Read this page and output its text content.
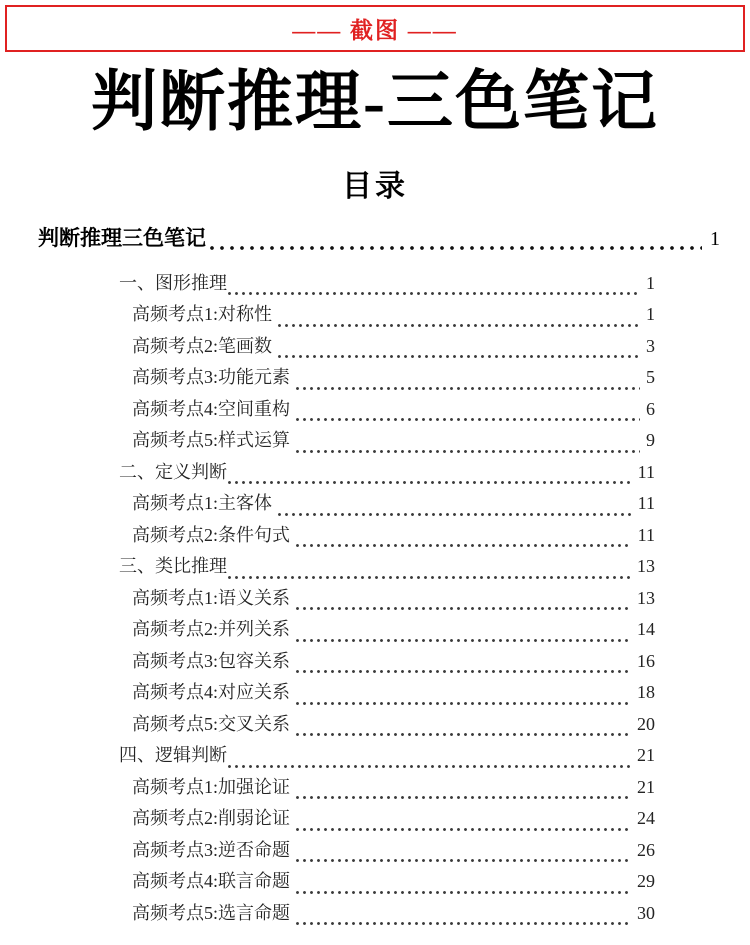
—— 截图 ——
判断推理-三色笔记
目录
判断推理三色笔记	1
一、图形推理	1
高频考点1:对称性	1
高频考点2:笔画数	3
高频考点3:功能元素	5
高频考点4:空间重构	6
高频考点5:样式运算	9
二、定义判断	11
高频考点1:主客体	11
高频考点2:条件句式	11
三、类比推理	13
高频考点1:语义关系	13
高频考点2:并列关系	14
高频考点3:包容关系	16
高频考点4:对应关系	18
高频考点5:交叉关系	20
四、逻辑判断	21
高频考点1:加强论证	21
高频考点2:削弱论证	24
高频考点3:逆否命题	26
高频考点4:联言命题	29
高频考点5:选言命题	30
